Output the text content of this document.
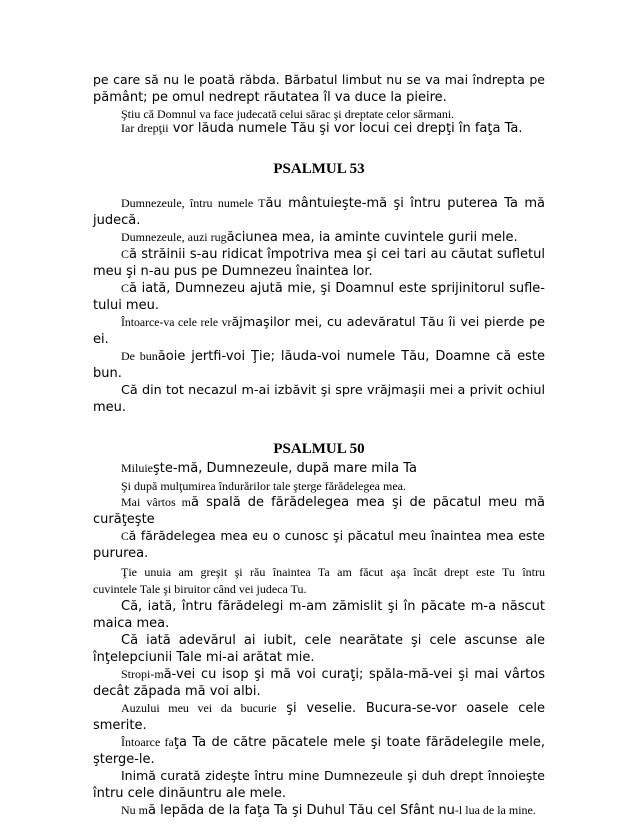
pe care să nu le poată răbda. Bărbatul limbut nu se va mai îndrepta pe
pământ; pe omul nedrept răutatea îl va duce la pieire.
Ştiu că Domnul va face judecată celui sărac şi dreptate celor sărmani.
Iar drepţii vor lăuda numele Tău şi vor locui cei drepţi în faţa Ta.
PSALMUL 53
Dumnezeule, întru numele Tău mântuieşte-mă şi întru puterea Ta mă
judecă.
Dumnezeule, auzi rugăciunea mea, ia aminte cuvintele gurii mele.
Că străinii s-au ridicat împotriva mea şi cei tari au căutat sufletul
meu şi n-au pus pe Dumnezeu înaintea lor.
Că iată, Dumnezeu ajută mie, şi Doamnul este sprijinitorul sufle-
tului meu.
Întoarce-va cele rele vrăjmaşilor mei, cu adevăratul Tău îi vei pierde pe
ei.
De bunăoie jertfi-voi Ţie; lăuda-voi numele Tău, Doamne că este
bun.
Că din tot necazul m-ai izbăvit şi spre vrăjmaşii mei a privit ochiul
meu.
PSALMUL 50
Miluieşte-mă, Dumnezeule, după mare mila Ta
Şi după mulţumirea îndurărilor tale şterge fărădelegea mea.
Mai vârtos mă spală de fărădelegea mea şi de păcatul meu mă
curăţeşte
Că fărădelegea mea eu o cunosc şi păcatul meu înaintea mea este
pururea.
Ţie unuia am greşit şi rău înaintea Ta am făcut aşa încât drept este Tu întru
cuvintele Tale şi biruitor când vei judeca Tu.
Că, iată, întru fărădelegi m-am zămislit şi în păcate m-a născut
maica mea.
Că iată adevărul ai iubit, cele nearătate şi cele ascunse ale
înţelepciunii Tale mi-ai arătat mie.
Stropi-mă-vei cu isop şi mă voi curaţi; spăla-mă-vei şi mai vârtos
decât zăpada mă voi albi.
Auzului meu vei da bucurie şi veselie. Bucura-se-vor oasele cele
smerite.
Întoarce faţa Ta de către păcatele mele şi toate fărădelegile mele,
şterge-le.
Inimă curată zideşte întru mine Dumnezeule şi duh drept înnoieşte
întru cele dinăuntru ale mele.
Nu mă lepăda de la faţa Ta şi Duhul Tău cel Sfânt nu-l lua de la mine.
